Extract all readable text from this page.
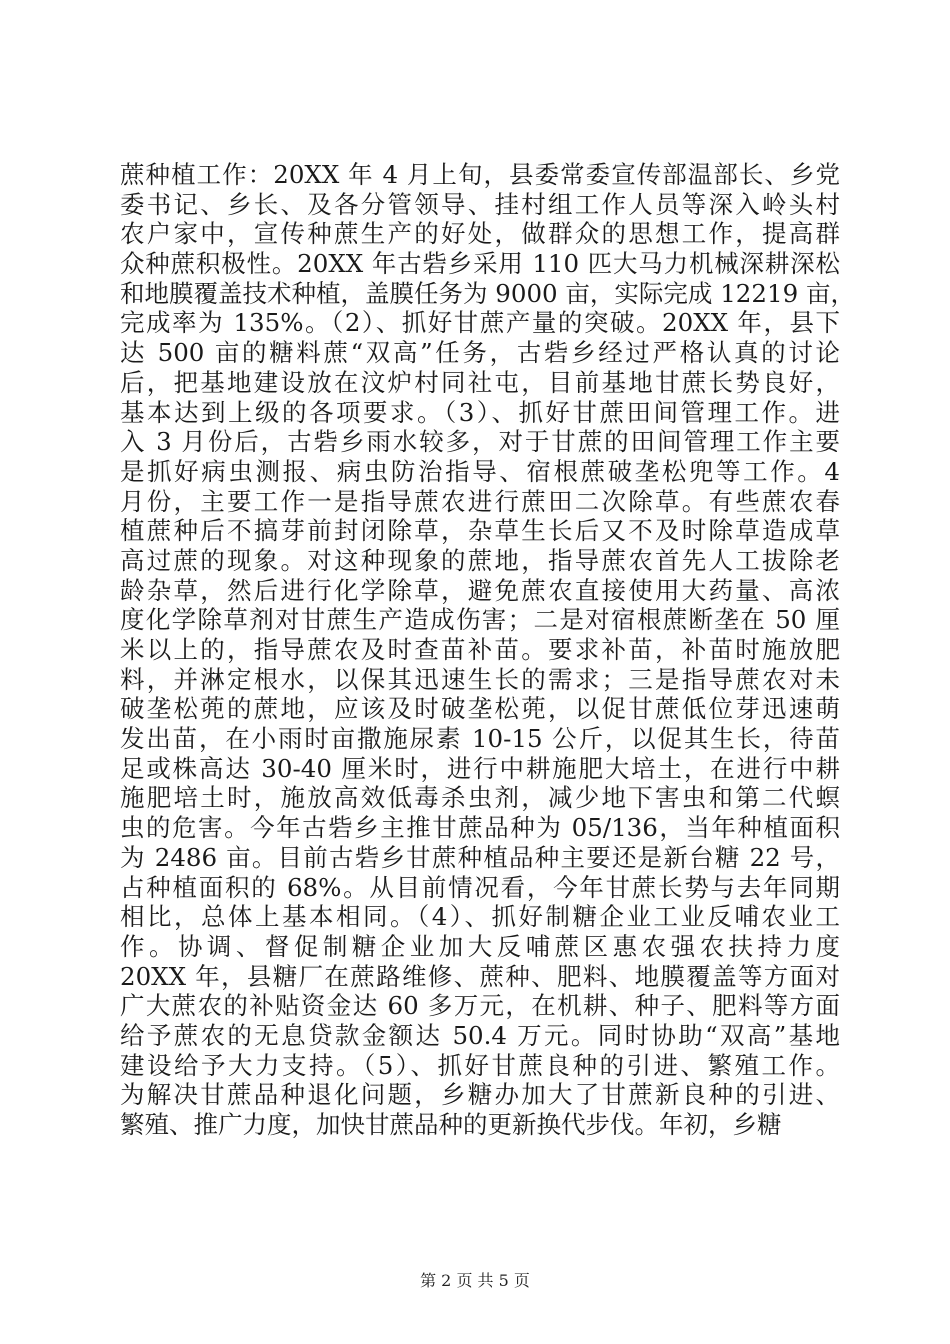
蔗种植工作：20XX 年 4 月上旬，县委常委宣传部温部长、乡党
委书记、乡长、及各分管领导、挂村组工作人员等深入岭头村
农户家中，宣传种蔗生产的好处，做群众的思想工作，提高群
众种蔗积极性。20XX 年古砦乡采用 110 匹大马力机械深耕深松
和地膜覆盖技术种植，盖膜任务为 9000 亩，实际完成 12219 亩，
完成率为 135%。（2）、抓好甘蔗产量的突破。20XX 年，县下
达 500 亩的糖料蔗“双高”任务，古砦乡经过严格认真的讨论
后，把基地建设放在汶炉村同社屯，目前基地甘蔗长势良好，
基本达到上级的各项要求。（3）、抓好甘蔗田间管理工作。进
入 3 月份后，古砦乡雨水较多，对于甘蔗的田间管理工作主要
是抓好病虫测报、病虫防治指导、宿根蔗破垄松兜等工作。4
月份，主要工作一是指导蔗农进行蔗田二次除草。有些蔗农春
植蔗种后不搞芽前封闭除草，杂草生长后又不及时除草造成草
高过蔗的现象。对这种现象的蔗地，指导蔗农首先人工拔除老
龄杂草，然后进行化学除草，避免蔗农直接使用大药量、高浓
度化学除草剂对甘蔗生产造成伤害；二是对宿根蔗断垄在 50 厘
米以上的，指导蔗农及时查苗补苗。要求补苗，补苗时施放肥
料，并淋定根水，以保其迅速生长的需求；三是指导蔗农对未
破垄松蔸的蔗地，应该及时破垄松蔸，以促甘蔗低位芽迅速萌
发出苗，在小雨时亩撒施尿素 10-15 公斤，以促其生长，待苗
足或株高达 30-40 厘米时，进行中耕施肥大培土，在进行中耕
施肥培土时，施放高效低毒杀虫剂，减少地下害虫和第二代螟
虫的危害。今年古砦乡主推甘蔗品种为 05/136，当年种植面积
为 2486 亩。目前古砦乡甘蔗种植品种主要还是新台糖 22 号，
占种植面积的 68%。从目前情况看，今年甘蔗长势与去年同期
相比，总体上基本相同。（4）、抓好制糖企业工业反哺农业工
作。协调、督促制糖企业加大反哺蔗区惠农强农扶持力度
20XX 年，县糖厂在蔗路维修、蔗种、肥料、地膜覆盖等方面对
广大蔗农的补贴资金达 60 多万元，在机耕、种子、肥料等方面
给予蔗农的无息贷款金额达 50.4 万元。同时协助“双高”基地
建设给予大力支持。（5）、抓好甘蔗良种的引进、繁殖工作。
为解决甘蔗品种退化问题，乡糖办加大了甘蔗新良种的引进、
繁殖、推广力度，加快甘蔗品种的更新换代步伐。年初，乡糖
第 2 页 共 5 页
